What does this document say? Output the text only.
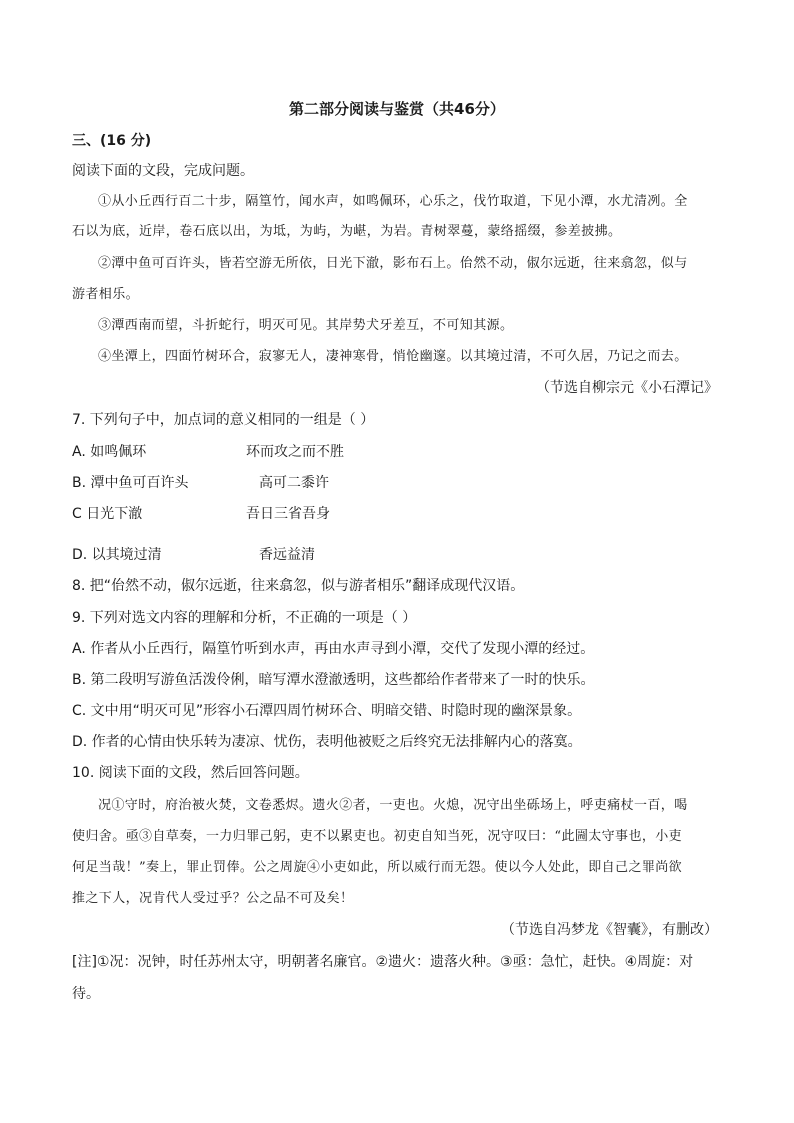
第二部分阅读与鉴赏（共46分）
三、(16 分)
阅读下面的文段，完成问题。
①从小丘西行百二十步，隔篁竹，闻水声，如鸣佩环，心乐之，伐竹取道，下见小潭，水尤清冽。全
石以为底，近岸，卷石底以出，为坻，为屿，为嵁，为岩。青树翠蔓，蒙络摇缀，参差披拂。
②潭中鱼可百许头，皆若空游无所依，日光下澈，影布石上。佁然不动，俶尔远逝，往来翕忽，似与
游者相乐。
③潭西南而望，斗折蛇行，明灭可见。其岸势犬牙差互，不可知其源。
④坐潭上，四面竹树环合，寂寥无人，凄神寒骨，悄怆幽邃。以其境过清，不可久居，乃记之而去。
（节选自柳宗元《小石潭记》
7. 下列句子中，加点词的意义相同的一组是（ ）
A. 如鸣佩环	环而攻之而不胜
B. 潭中鱼可百许头	高可二黍许
C 日光下澈	吾日三省吾身
D. 以其境过清	香远益清
8. 把“佁然不动，俶尔远逝，往来翕忽，似与游者相乐”翻译成现代汉语。
9. 下列对选文内容的理解和分析，不正确的一项是（ ）
A. 作者从小丘西行，隔篁竹听到水声，再由水声寻到小潭，交代了发现小潭的经过。
B. 第二段明写游鱼活泼伶俐，暗写潭水澄澈透明，这些都给作者带来了一时的快乐。
C. 文中用“明灭可见”形容小石潭四周竹树环合、明暗交错、时隐时现的幽深景象。
D. 作者的心情由快乐转为凄凉、忧伤，表明他被贬之后终究无法排解内心的落寞。
10. 阅读下面的文段，然后回答问题。
况①守时，府治被火焚，文卷悉烬。遗火②者，一吏也。火熄，况守出坐砾场上，呼吏痛杖一百，喝
使归舍。亟③自草奏，一力归罪己躬，吏不以累吏也。初吏自知当死，况守叹曰：“此圌太守事也，小吏
何足当哉！”奏上，罪止罚俸。公之周旋④小吏如此，所以威行而无怨。使以今人处此，即自己之罪尚欲
推之下人，况肯代人受过乎？公之品不可及矣！
（节选自冯梦龙《智囊》，有删改）
[注]①况：况钟，时任苏州太守，明朝著名廉官。②遗火：遗落火种。③亟：急忙，赶快。④周旋：对
待。
